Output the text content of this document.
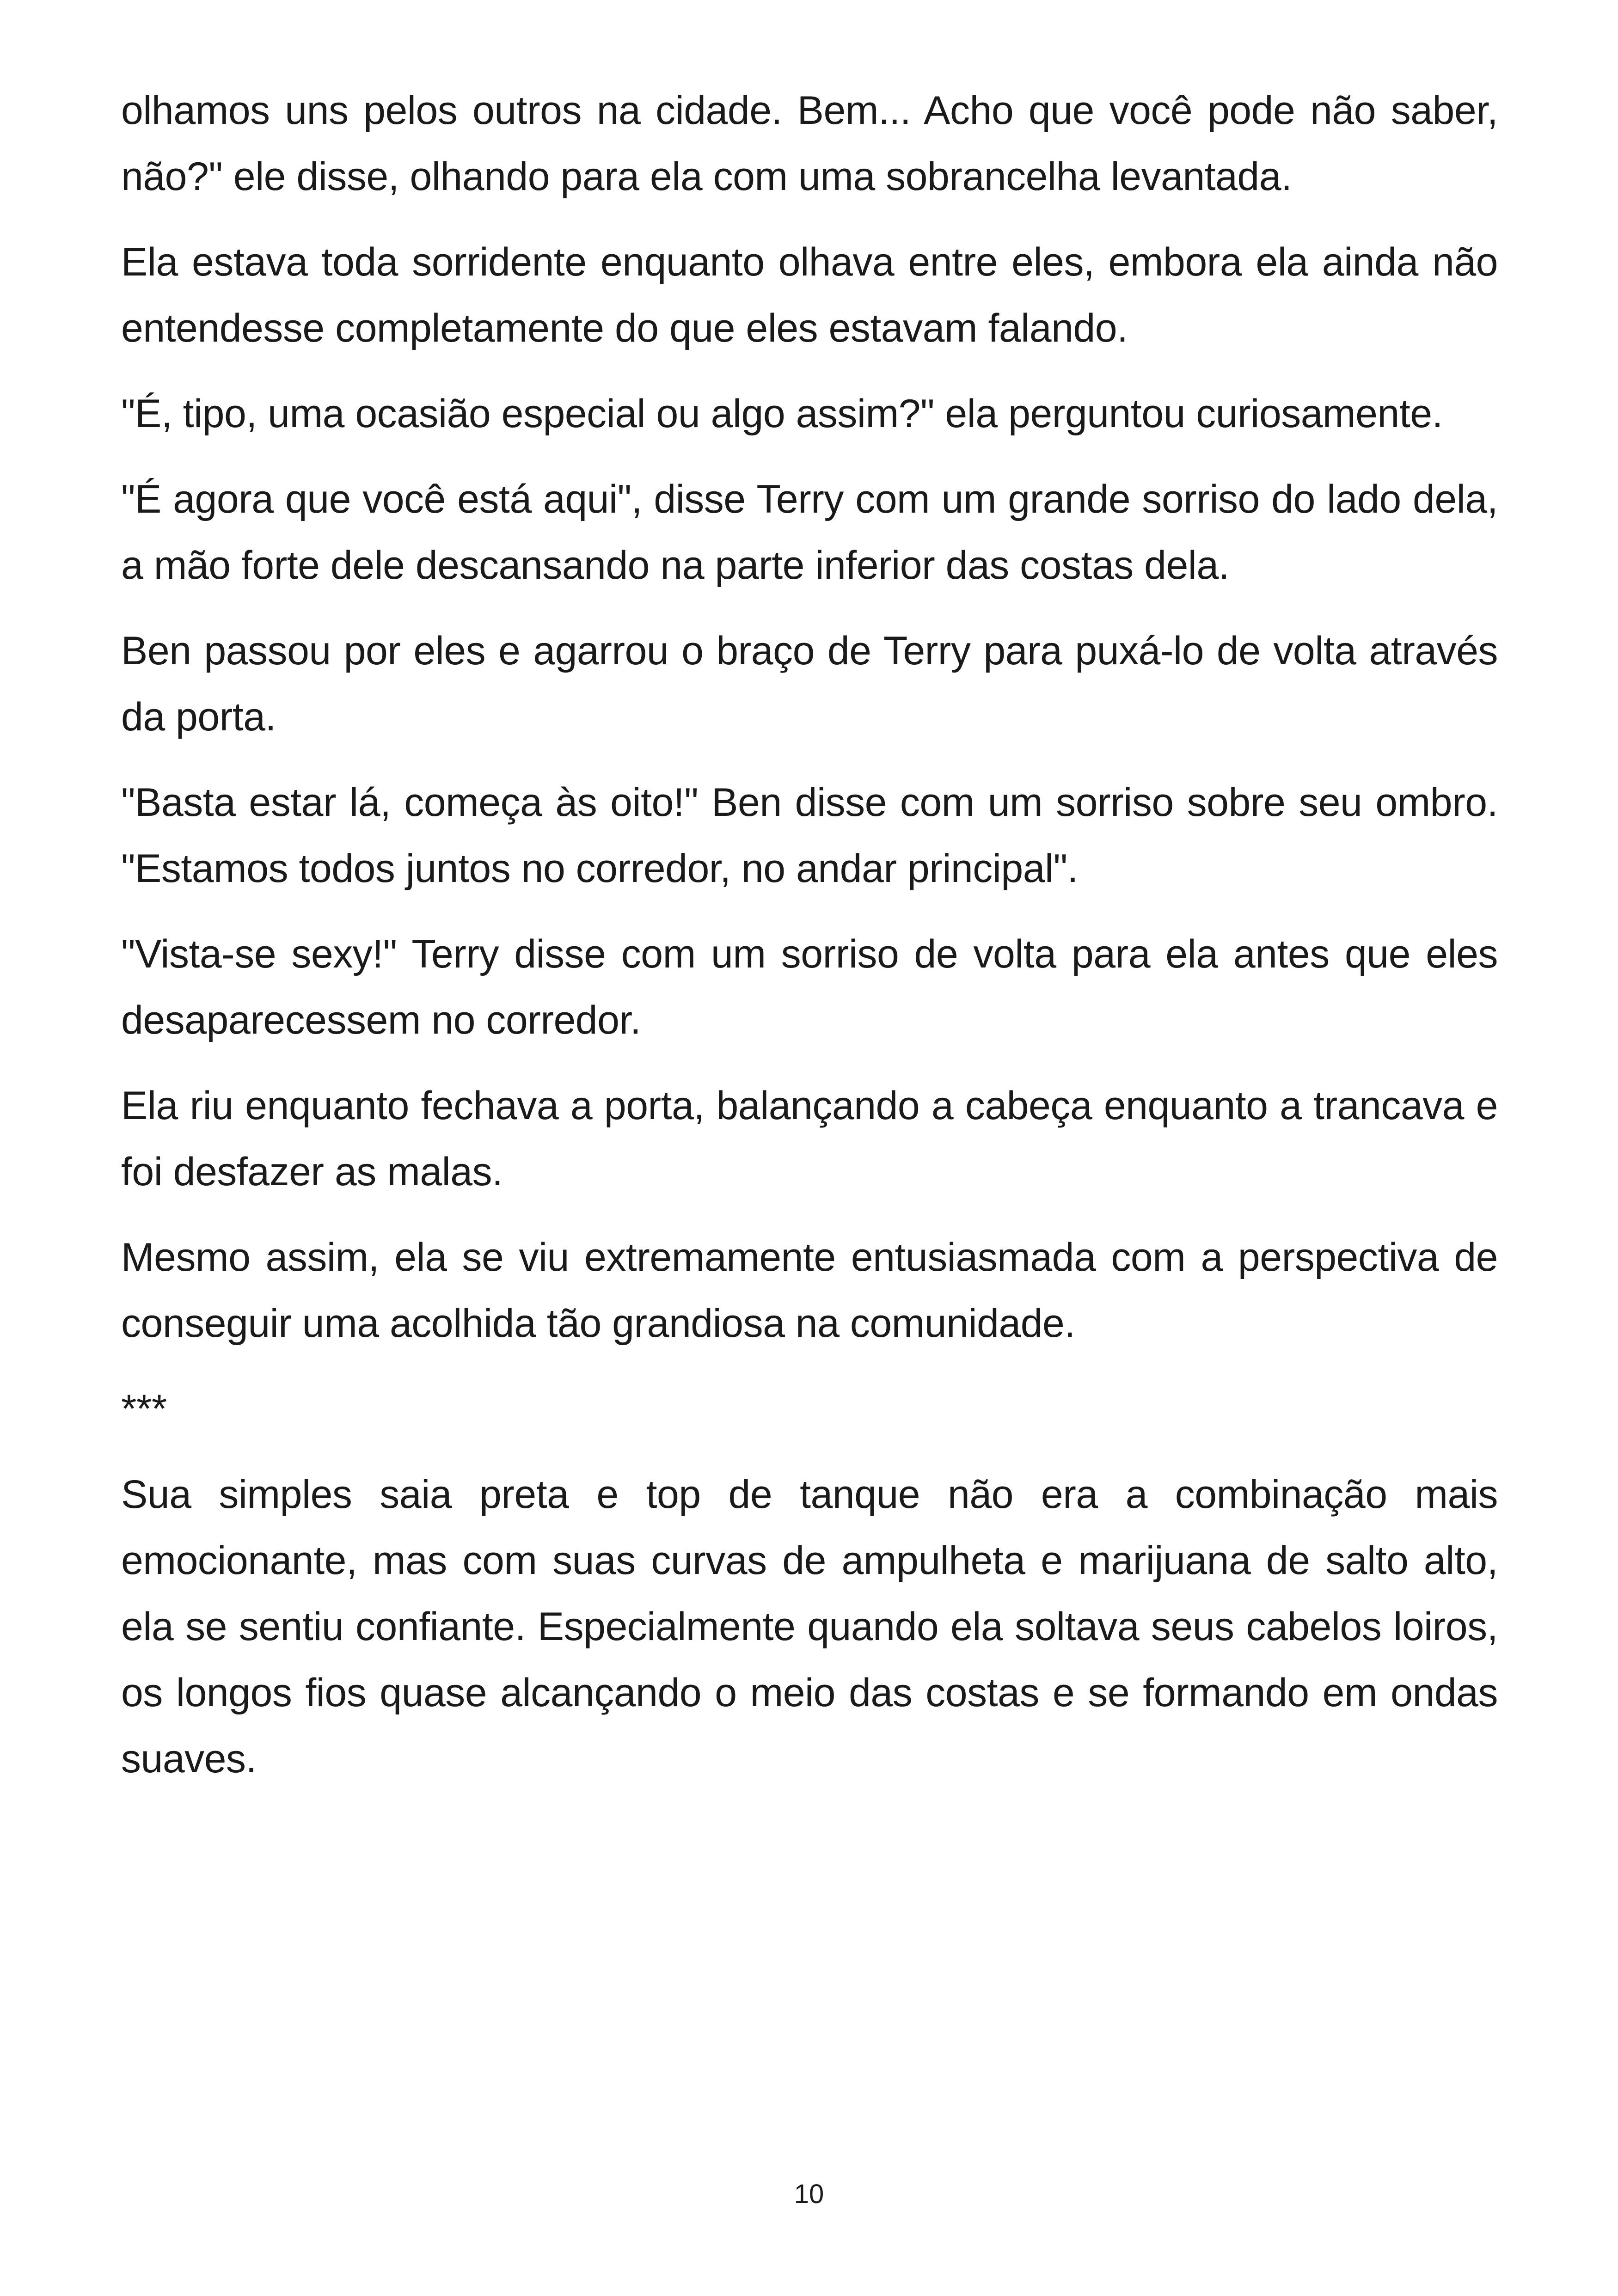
olhamos uns pelos outros na cidade. Bem... Acho que você pode não saber, não?" ele disse, olhando para ela com uma sobrancelha levantada.

Ela estava toda sorridente enquanto olhava entre eles, embora ela ainda não entendesse completamente do que eles estavam falando.

"É, tipo, uma ocasião especial ou algo assim?" ela perguntou curiosamente.

"É agora que você está aqui", disse Terry com um grande sorriso do lado dela, a mão forte dele descansando na parte inferior das costas dela.

Ben passou por eles e agarrou o braço de Terry para puxá-lo de volta através da porta.

"Basta estar lá, começa às oito!" Ben disse com um sorriso sobre seu ombro. "Estamos todos juntos no corredor, no andar principal".

"Vista-se sexy!" Terry disse com um sorriso de volta para ela antes que eles desaparecessem no corredor.

Ela riu enquanto fechava a porta, balançando a cabeça enquanto a trancava e foi desfazer as malas.

Mesmo assim, ela se viu extremamente entusiasmada com a perspectiva de conseguir uma acolhida tão grandiosa na comunidade.

***

Sua simples saia preta e top de tanque não era a combinação mais emocionante, mas com suas curvas de ampulheta e marijuana de salto alto, ela se sentiu confiante. Especialmente quando ela soltava seus cabelos loiros, os longos fios quase alcançando o meio das costas e se formando em ondas suaves.

10
